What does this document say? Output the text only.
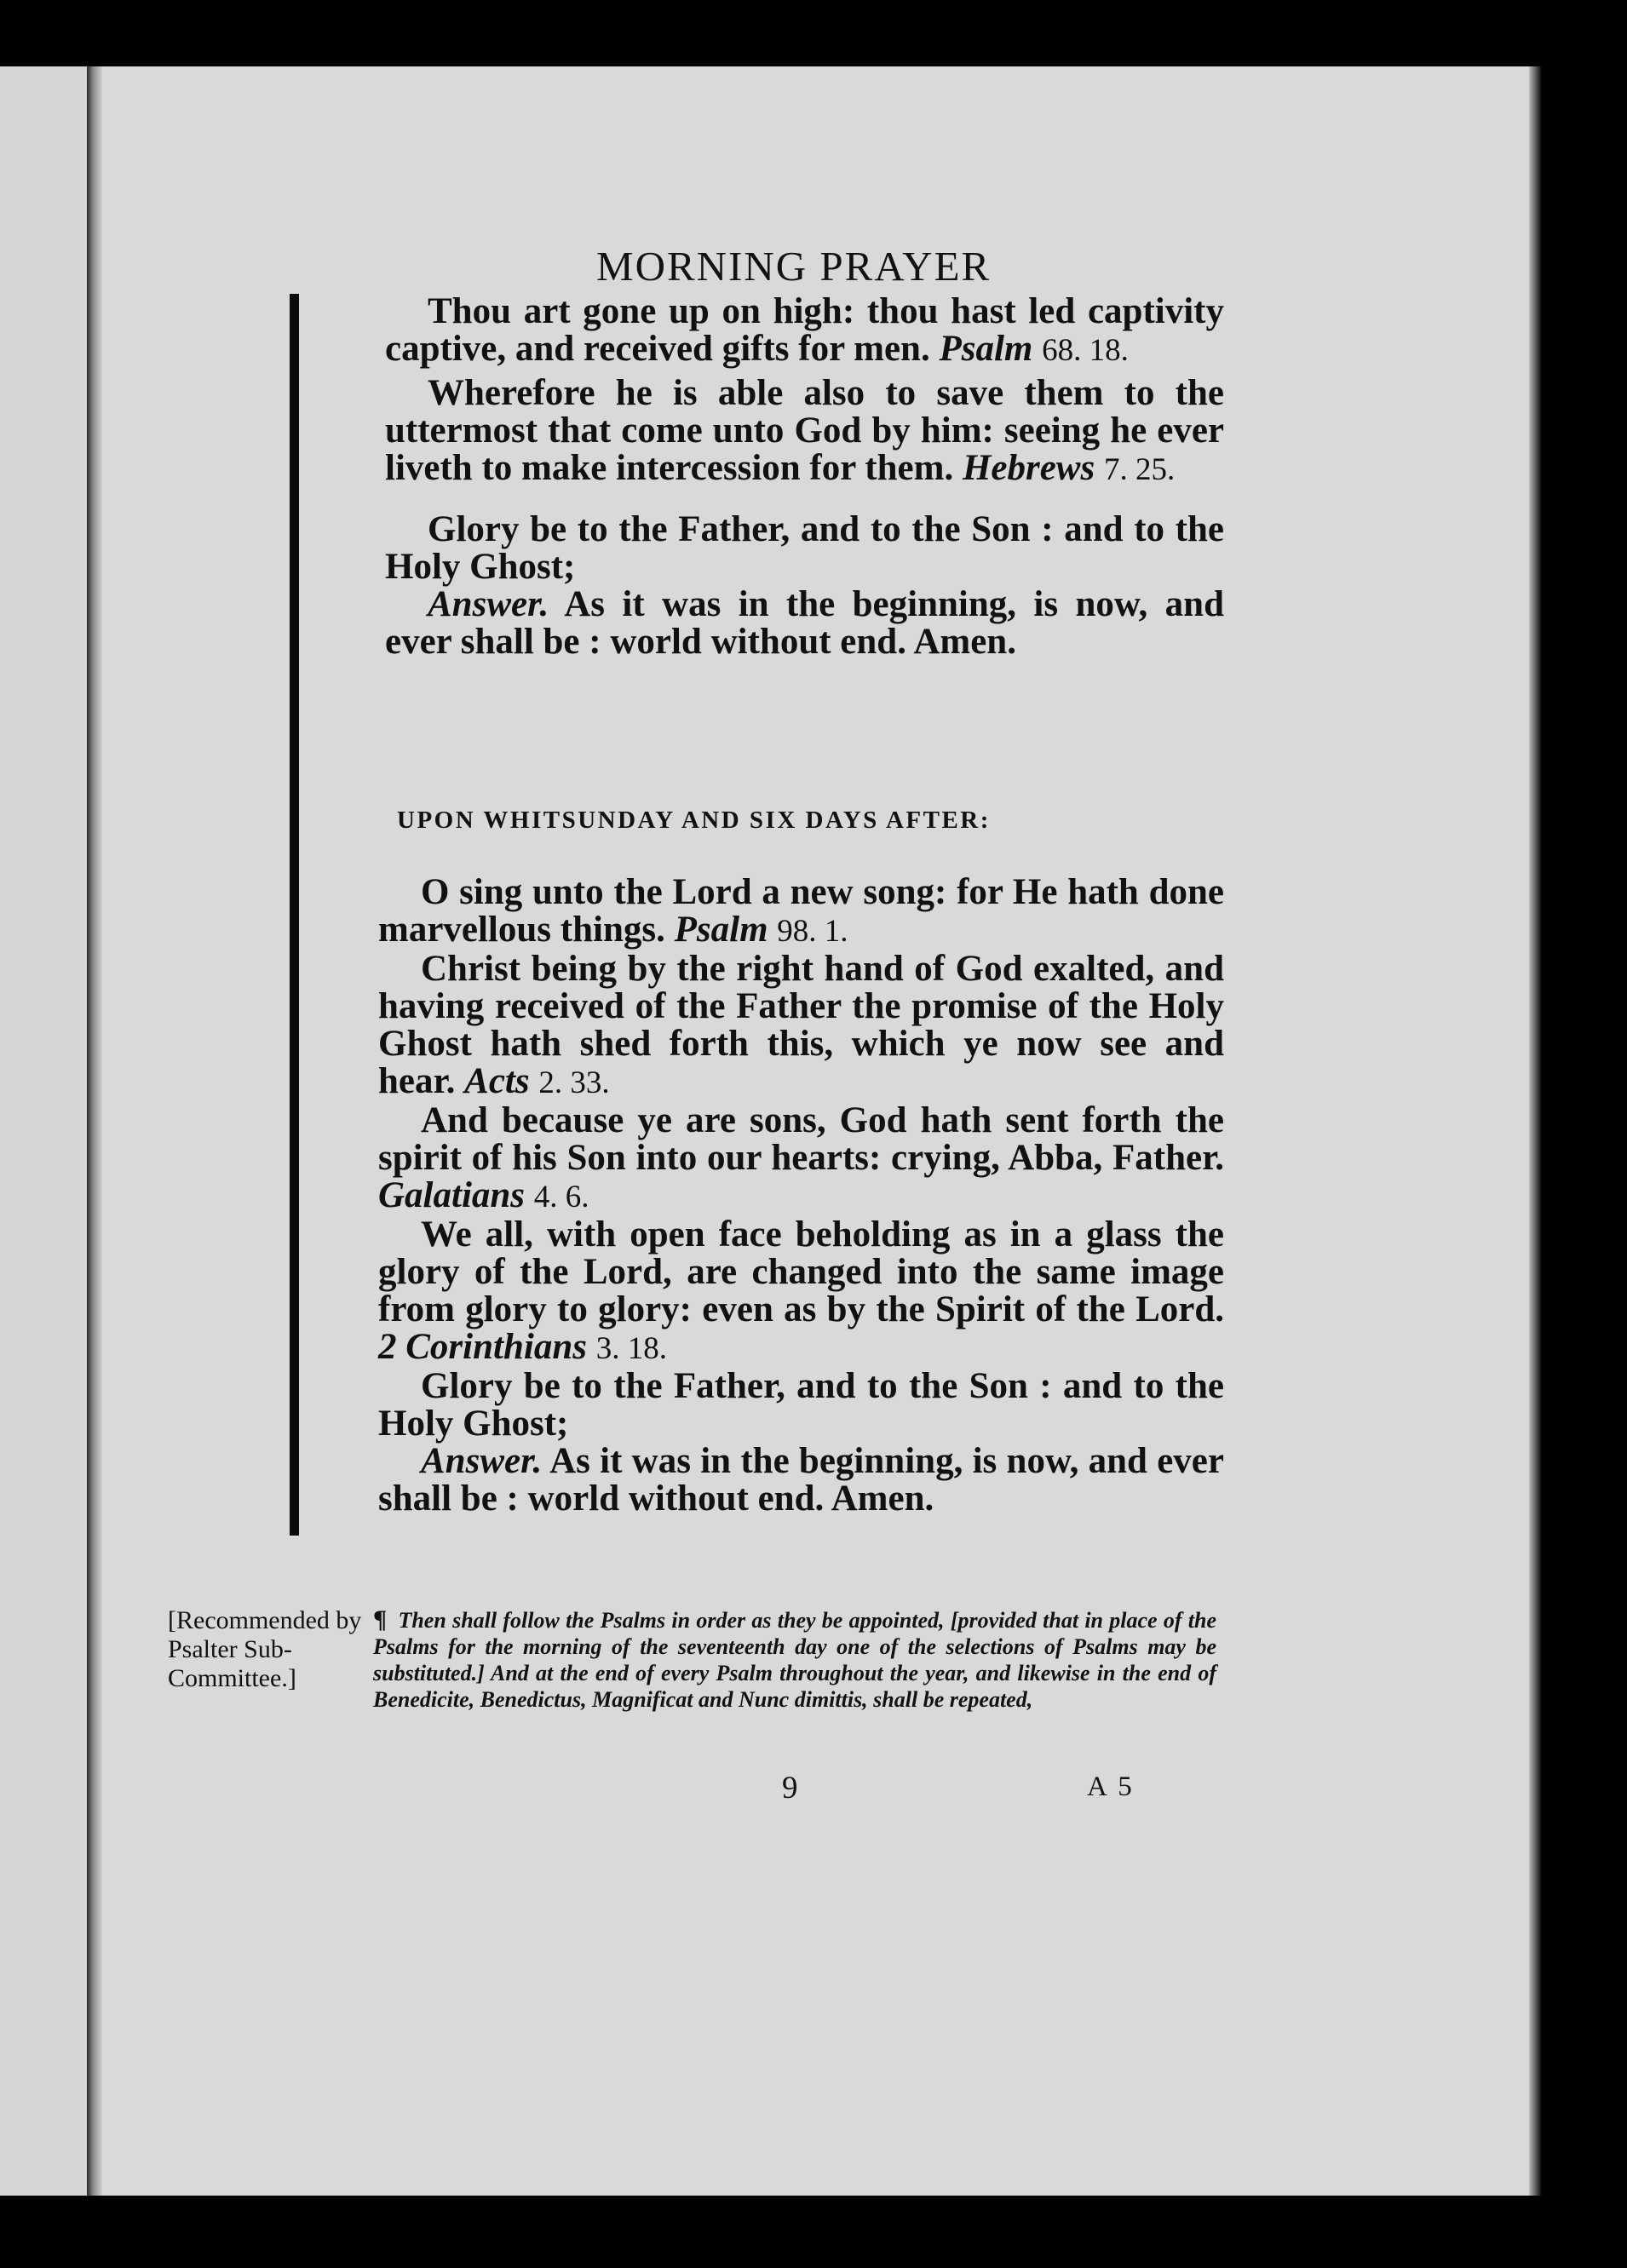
MORNING PRAYER

Thou art gone up on high: thou hast led captivity captive, and received gifts for men. Psalm 68. 18.

Wherefore he is able also to save them to the uttermost that come unto God by him: seeing he ever liveth to make intercession for them. Hebrews 7. 25.

Glory be to the Father, and to the Son : and to the Holy Ghost;

Answer. As it was in the beginning, is now, and ever shall be : world without end. Amen.

UPON WHITSUNDAY AND SIX DAYS AFTER:

O sing unto the Lord a new song: for He hath done marvellous things. Psalm 98. 1.

Christ being by the right hand of God exalted, and having received of the Father the promise of the Holy Ghost hath shed forth this, which ye now see and hear. Acts 2. 33.

And because ye are sons, God hath sent forth the spirit of his Son into our hearts: crying, Abba, Father. Galatians 4. 6.

We all, with open face beholding as in a glass the glory of the Lord, are changed into the same image from glory to glory: even as by the Spirit of the Lord. 2 Corinthians 3. 18.

Glory be to the Father, and to the Son : and to the Holy Ghost;

Answer. As it was in the beginning, is now, and ever shall be : world without end. Amen.

[Recommended by Psalter Sub-Committee.]
¶ Then shall follow the Psalms in order as they be appointed, [provided that in place of the Psalms for the morning of the seventeenth day one of the selections of Psalms may be substituted.] And at the end of every Psalm throughout the year, and likewise in the end of Benedicite, Benedictus, Magnificat and Nunc dimittis, shall be repeated,
9	A 5
